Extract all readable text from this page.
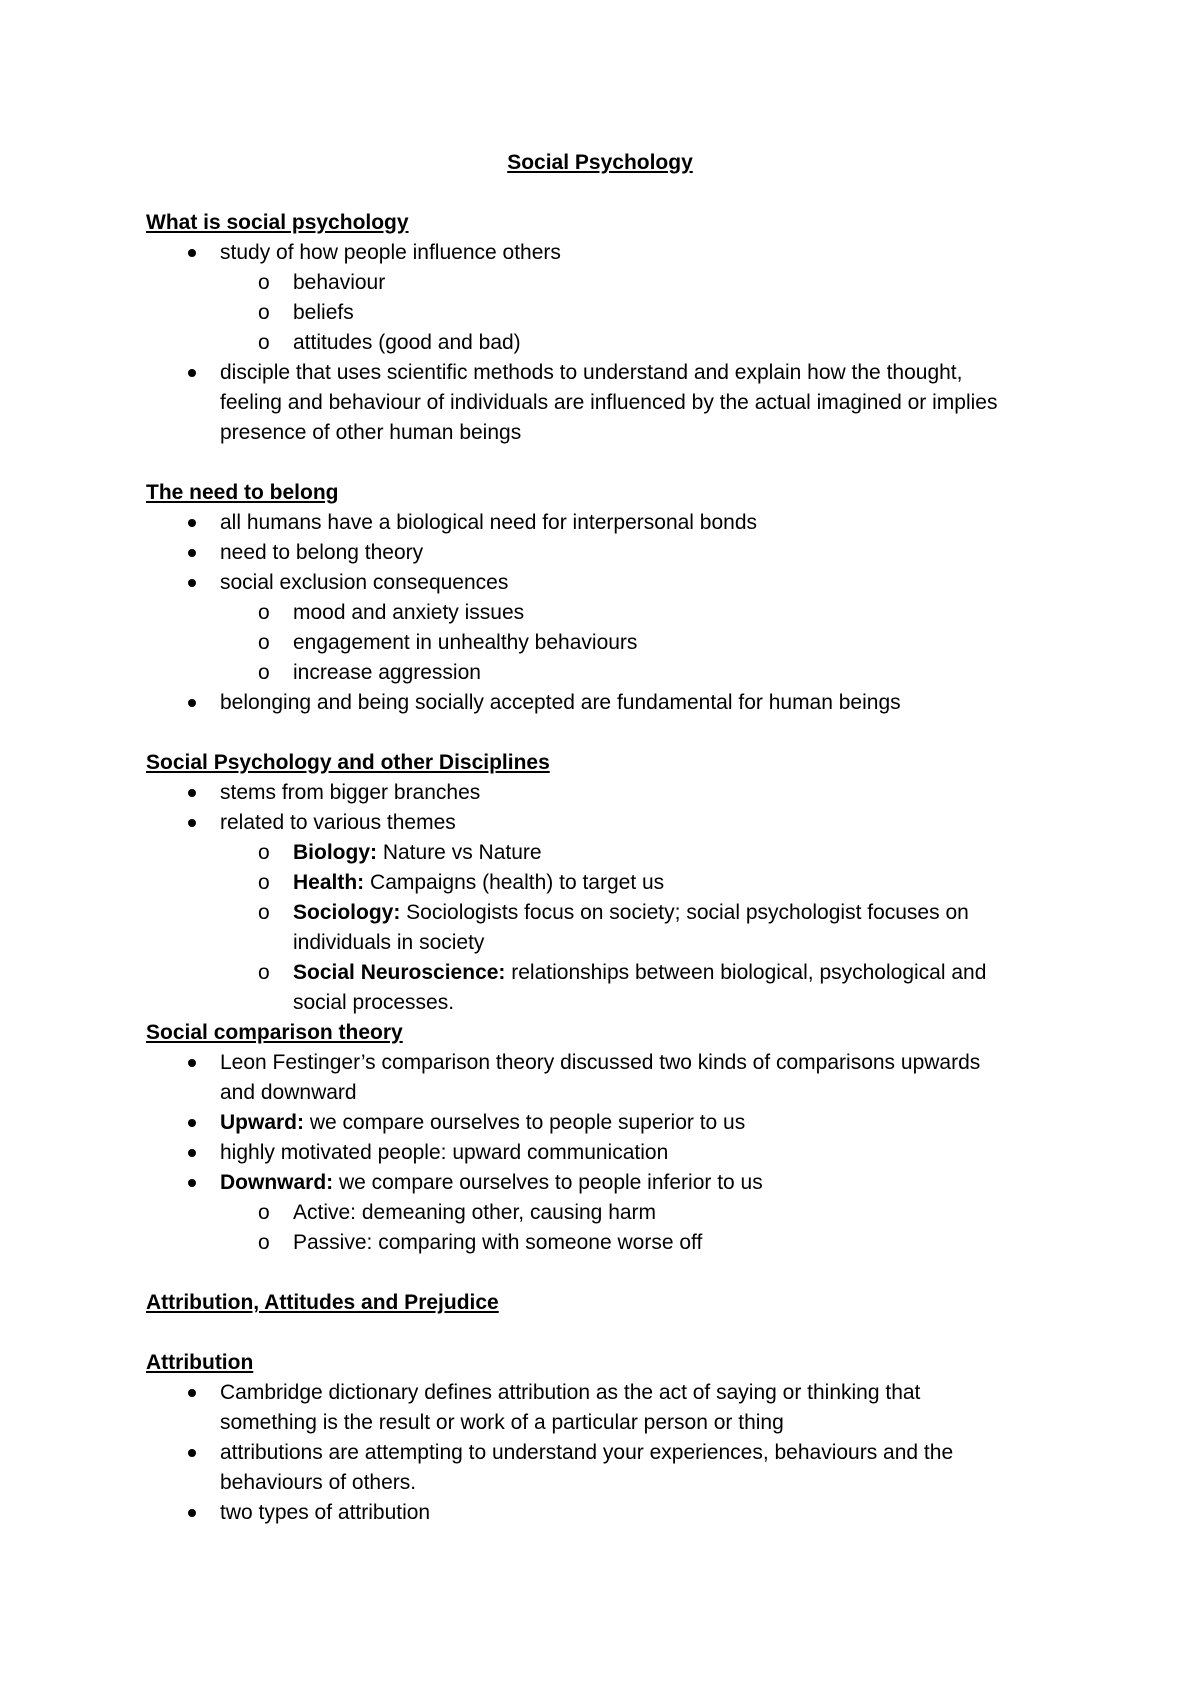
Social Psychology
What is social psychology
study of how people influence others
o behaviour
o beliefs
o attitudes (good and bad)
disciple that uses scientific methods to understand and explain how the thought,
feeling and behaviour of individuals are influenced by the actual imagined or implies
presence of other human beings
The need to belong
all humans have a biological need for interpersonal bonds
need to belong theory
social exclusion consequences
o mood and anxiety issues
o engagement in unhealthy behaviours
o increase aggression
belonging and being socially accepted are fundamental for human beings
Social Psychology and other Disciplines
stems from bigger branches
related to various themes
o Biology: Nature vs Nature
o Health: Campaigns (health) to target us
o Sociology: Sociologists focus on society; social psychologist focuses on
individuals in society
o Social Neuroscience: relationships between biological, psychological and
social processes.
Social comparison theory
Leon Festinger’s comparison theory discussed two kinds of comparisons upwards
and downward
Upward: we compare ourselves to people superior to us
highly motivated people: upward communication
Downward: we compare ourselves to people inferior to us
o Active: demeaning other, causing harm
o Passive: comparing with someone worse off
Attribution, Attitudes and Prejudice
Attribution
Cambridge dictionary defines attribution as the act of saying or thinking that
something is the result or work of a particular person or thing
attributions are attempting to understand your experiences, behaviours and the
behaviours of others.
two types of attribution
